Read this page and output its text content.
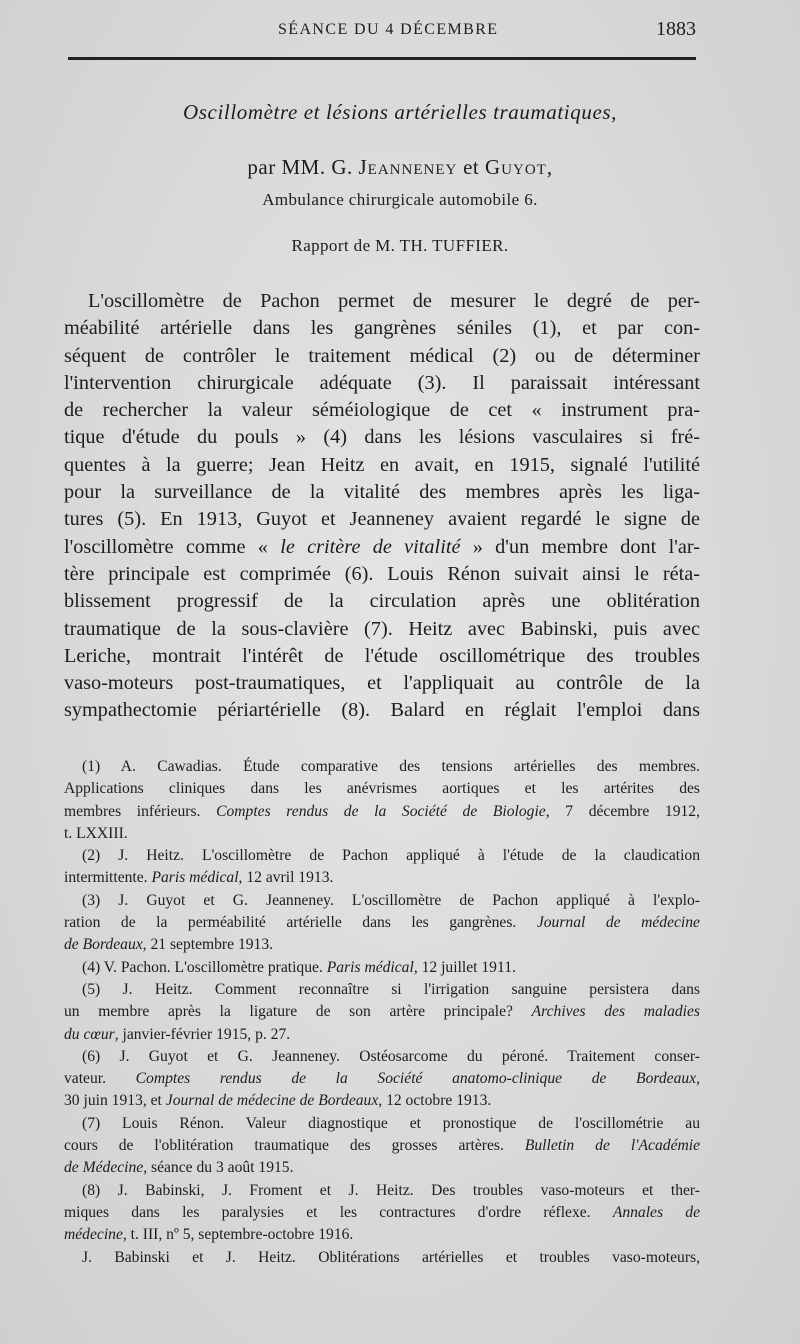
SÉANCE DU 4 DÉCEMBRE	1883
Oscillomètre et lésions artérielles traumatiques,
par MM. G. Jeanneney et Guyot,
Ambulance chirurgicale automobile 6.
Rapport de M. TH. TUFFIER.
L'oscillomètre de Pachon permet de mesurer le degré de per-
méabilité artérielle dans les gangrènes séniles (1), et par con-
séquent de contrôler le traitement médical (2) ou de déterminer
l'intervention chirurgicale adéquate (3). Il paraissait intéressant
de rechercher la valeur séméiologique de cet « instrument pra-
tique d'étude du pouls » (4) dans les lésions vasculaires si fré-
quentes à la guerre; Jean Heitz en avait, en 1915, signalé l'utilité
pour la surveillance de la vitalité des membres après les liga-
tures (5). En 1913, Guyot et Jeanneney avaient regardé le signe de
l'oscillomètre comme « le critère de vitalité » d'un membre dont l'ar-
tère principale est comprimée (6). Louis Rénon suivait ainsi le réta-
blissement progressif de la circulation après une oblitération
traumatique de la sous-clavière (7). Heitz avec Babinski, puis avec
Leriche, montrait l'intérêt de l'étude oscillométrique des troubles
vaso-moteurs post-traumatiques, et l'appliquait au contrôle de la
sympathectomie périartérielle (8). Balard en réglait l'emploi dans
(1) A. Cawadias. Étude comparative des tensions artérielles des membres.
Applications cliniques dans les anévrismes aortiques et les artérites des
membres inférieurs. Comptes rendus de la Société de Biologie, 7 décembre 1912,
t. LXXIII.
(2) J. Heitz. L'oscillomètre de Pachon appliqué à l'étude de la claudication
intermittente. Paris médical, 12 avril 1913.
(3) J. Guyot et G. Jeanneney. L'oscillomètre de Pachon appliqué à l'explo-
ration de la perméabilité artérielle dans les gangrènes. Journal de médecine
de Bordeaux, 21 septembre 1913.
(4) V. Pachon. L'oscillomètre pratique. Paris médical, 12 juillet 1911.
(5) J. Heitz. Comment reconnaître si l'irrigation sanguine persistera dans
un membre après la ligature de son artère principale? Archives des maladies
du cœur, janvier-février 1915, p. 27.
(6) J. Guyot et G. Jeanneney. Ostéosarcome du péroné. Traitement conser-
vateur. Comptes rendus de la Société anatomo-clinique de Bordeaux,
30 juin 1913, et Journal de médecine de Bordeaux, 12 octobre 1913.
(7) Louis Rénon. Valeur diagnostique et pronostique de l'oscillométrie au
cours de l'oblitération traumatique des grosses artères. Bulletin de l'Académie
de Médecine, séance du 3 août 1915.
(8) J. Babinski, J. Froment et J. Heitz. Des troubles vaso-moteurs et ther-
miques dans les paralysies et les contractures d'ordre réflexe. Annales de
médecine, t. III, nº 5, septembre-octobre 1916.
J. Babinski et J. Heitz. Oblitérations artérielles et troubles vaso-moteurs,
